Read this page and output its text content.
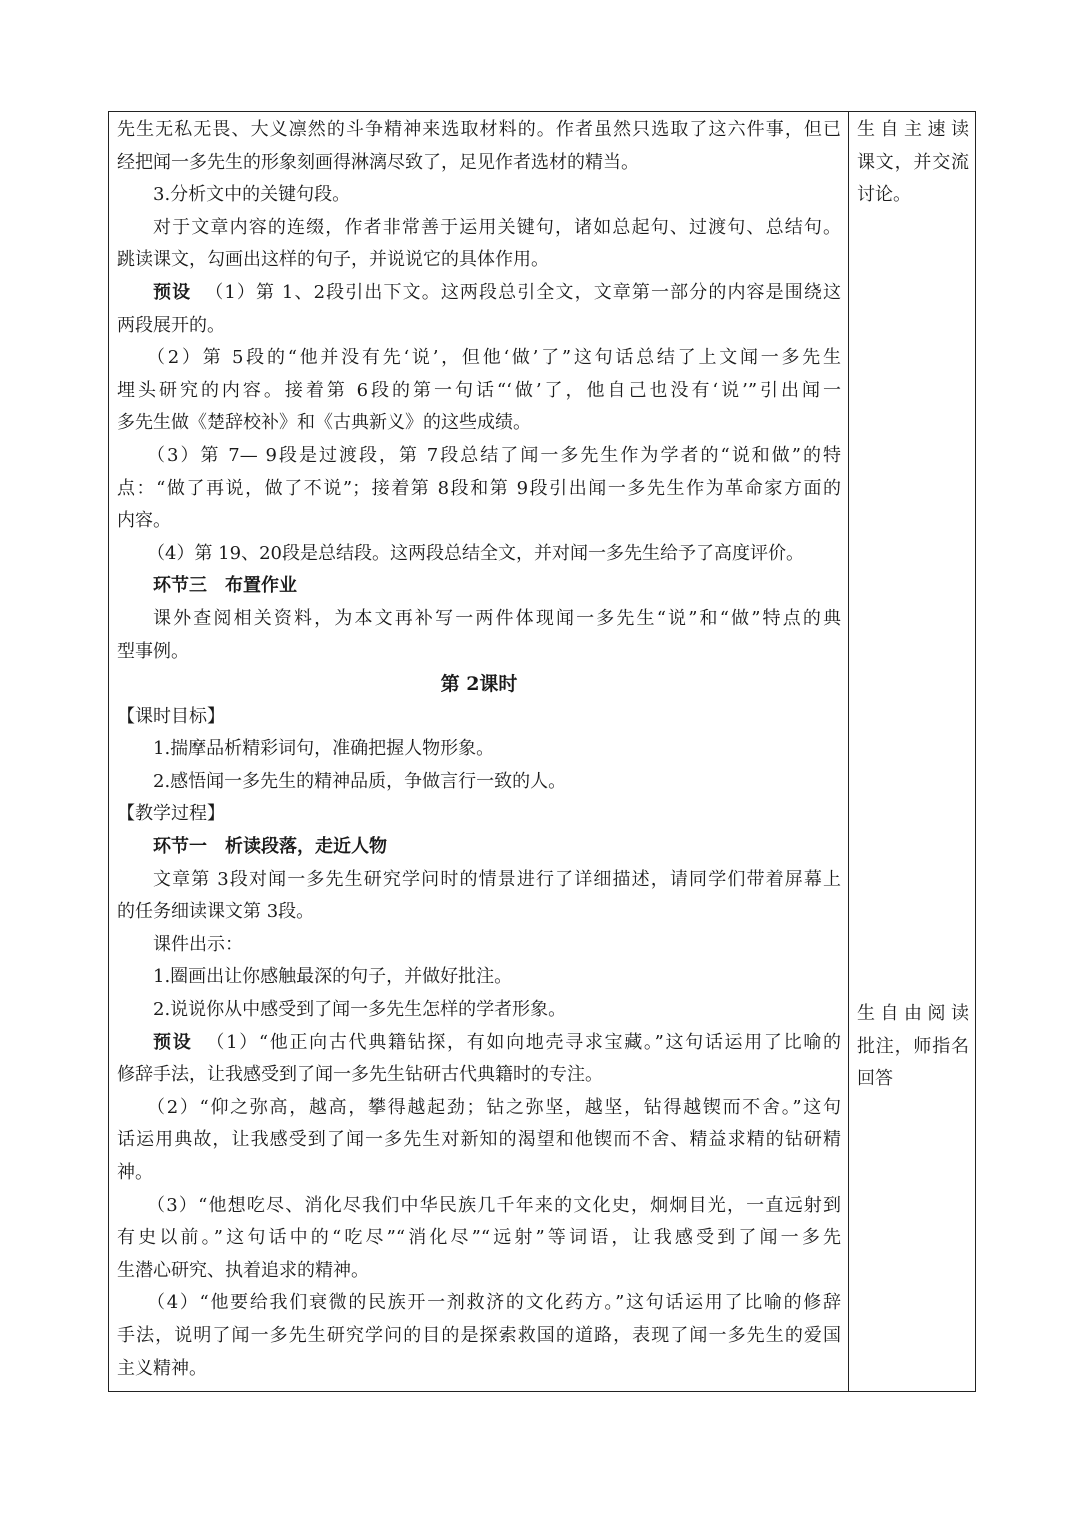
先生无私无畏、大义凛然的斗争精神来选取材料的。作者虽然只选取了这六件事，但已
经把闻一多先生的形象刻画得淋漓尽致了，足见作者选材的精当。
3.分析文中的关键句段。
对于文章内容的连缀，作者非常善于运用关键句，诸如总起句、过渡句、总结句。
跳读课文，勾画出这样的句子，并说说它的具体作用。
预设 （1）第 1、2段引出下文。这两段总引全文，文章第一部分的内容是围绕这
两段展开的。
（2）第 5段的“他并没有先‘说’，但他‘做’了”这句话总结了上文闻一多先生
埋头研究的内容。接着第 6段的第一句话“‘做’了，他自己也没有‘说’”引出闻一
多先生做《楚辞校补》和《古典新义》的这些成绩。
（3）第 7— 9段是过渡段，第 7段总结了闻一多先生作为学者的“说和做”的特
点：“做了再说，做了不说”；接着第 8段和第 9段引出闻一多先生作为革命家方面的
内容。
（4）第 19、20段是总结段。这两段总结全文，并对闻一多先生给予了高度评价。
环节三　布置作业
课外查阅相关资料，为本文再补写一两件体现闻一多先生“说”和“做”特点的典
型事例。
第 2课时
【课时目标】
1.揣摩品析精彩词句，准确把握人物形象。
2.感悟闻一多先生的精神品质，争做言行一致的人。
【教学过程】
环节一　析读段落，走近人物
文章第 3段对闻一多先生研究学问时的情景进行了详细描述，请同学们带着屏幕上
的任务细读课文第 3段。
课件出示：
1.圈画出让你感触最深的句子，并做好批注。
2.说说你从中感受到了闻一多先生怎样的学者形象。
预设 （1）“他正向古代典籍钻探，有如向地壳寻求宝藏。”这句话运用了比喻的
修辞手法，让我感受到了闻一多先生钻研古代典籍时的专注。
（2）“仰之弥高，越高，攀得越起劲；钻之弥坚，越坚，钻得越锲而不舍。”这句
话运用典故，让我感受到了闻一多先生对新知的渴望和他锲而不舍、精益求精的钻研精
神。
（3）“他想吃尽、消化尽我们中华民族几千年来的文化史，炯炯目光，一直远射到
有史以前。”这句话中的“吃尽”“消化尽”“远射”等词语，让我感受到了闻一多先
生潜心研究、执着追求的精神。
（4）“他要给我们衰微的民族开一剂救济的文化药方。”这句话运用了比喻的修辞
手法，说明了闻一多先生研究学问的目的是探索救国的道路，表现了闻一多先生的爱国
主义精神。
生自主速读
课文，并交流
讨论。
生自由阅读
批注，师指名
回答
